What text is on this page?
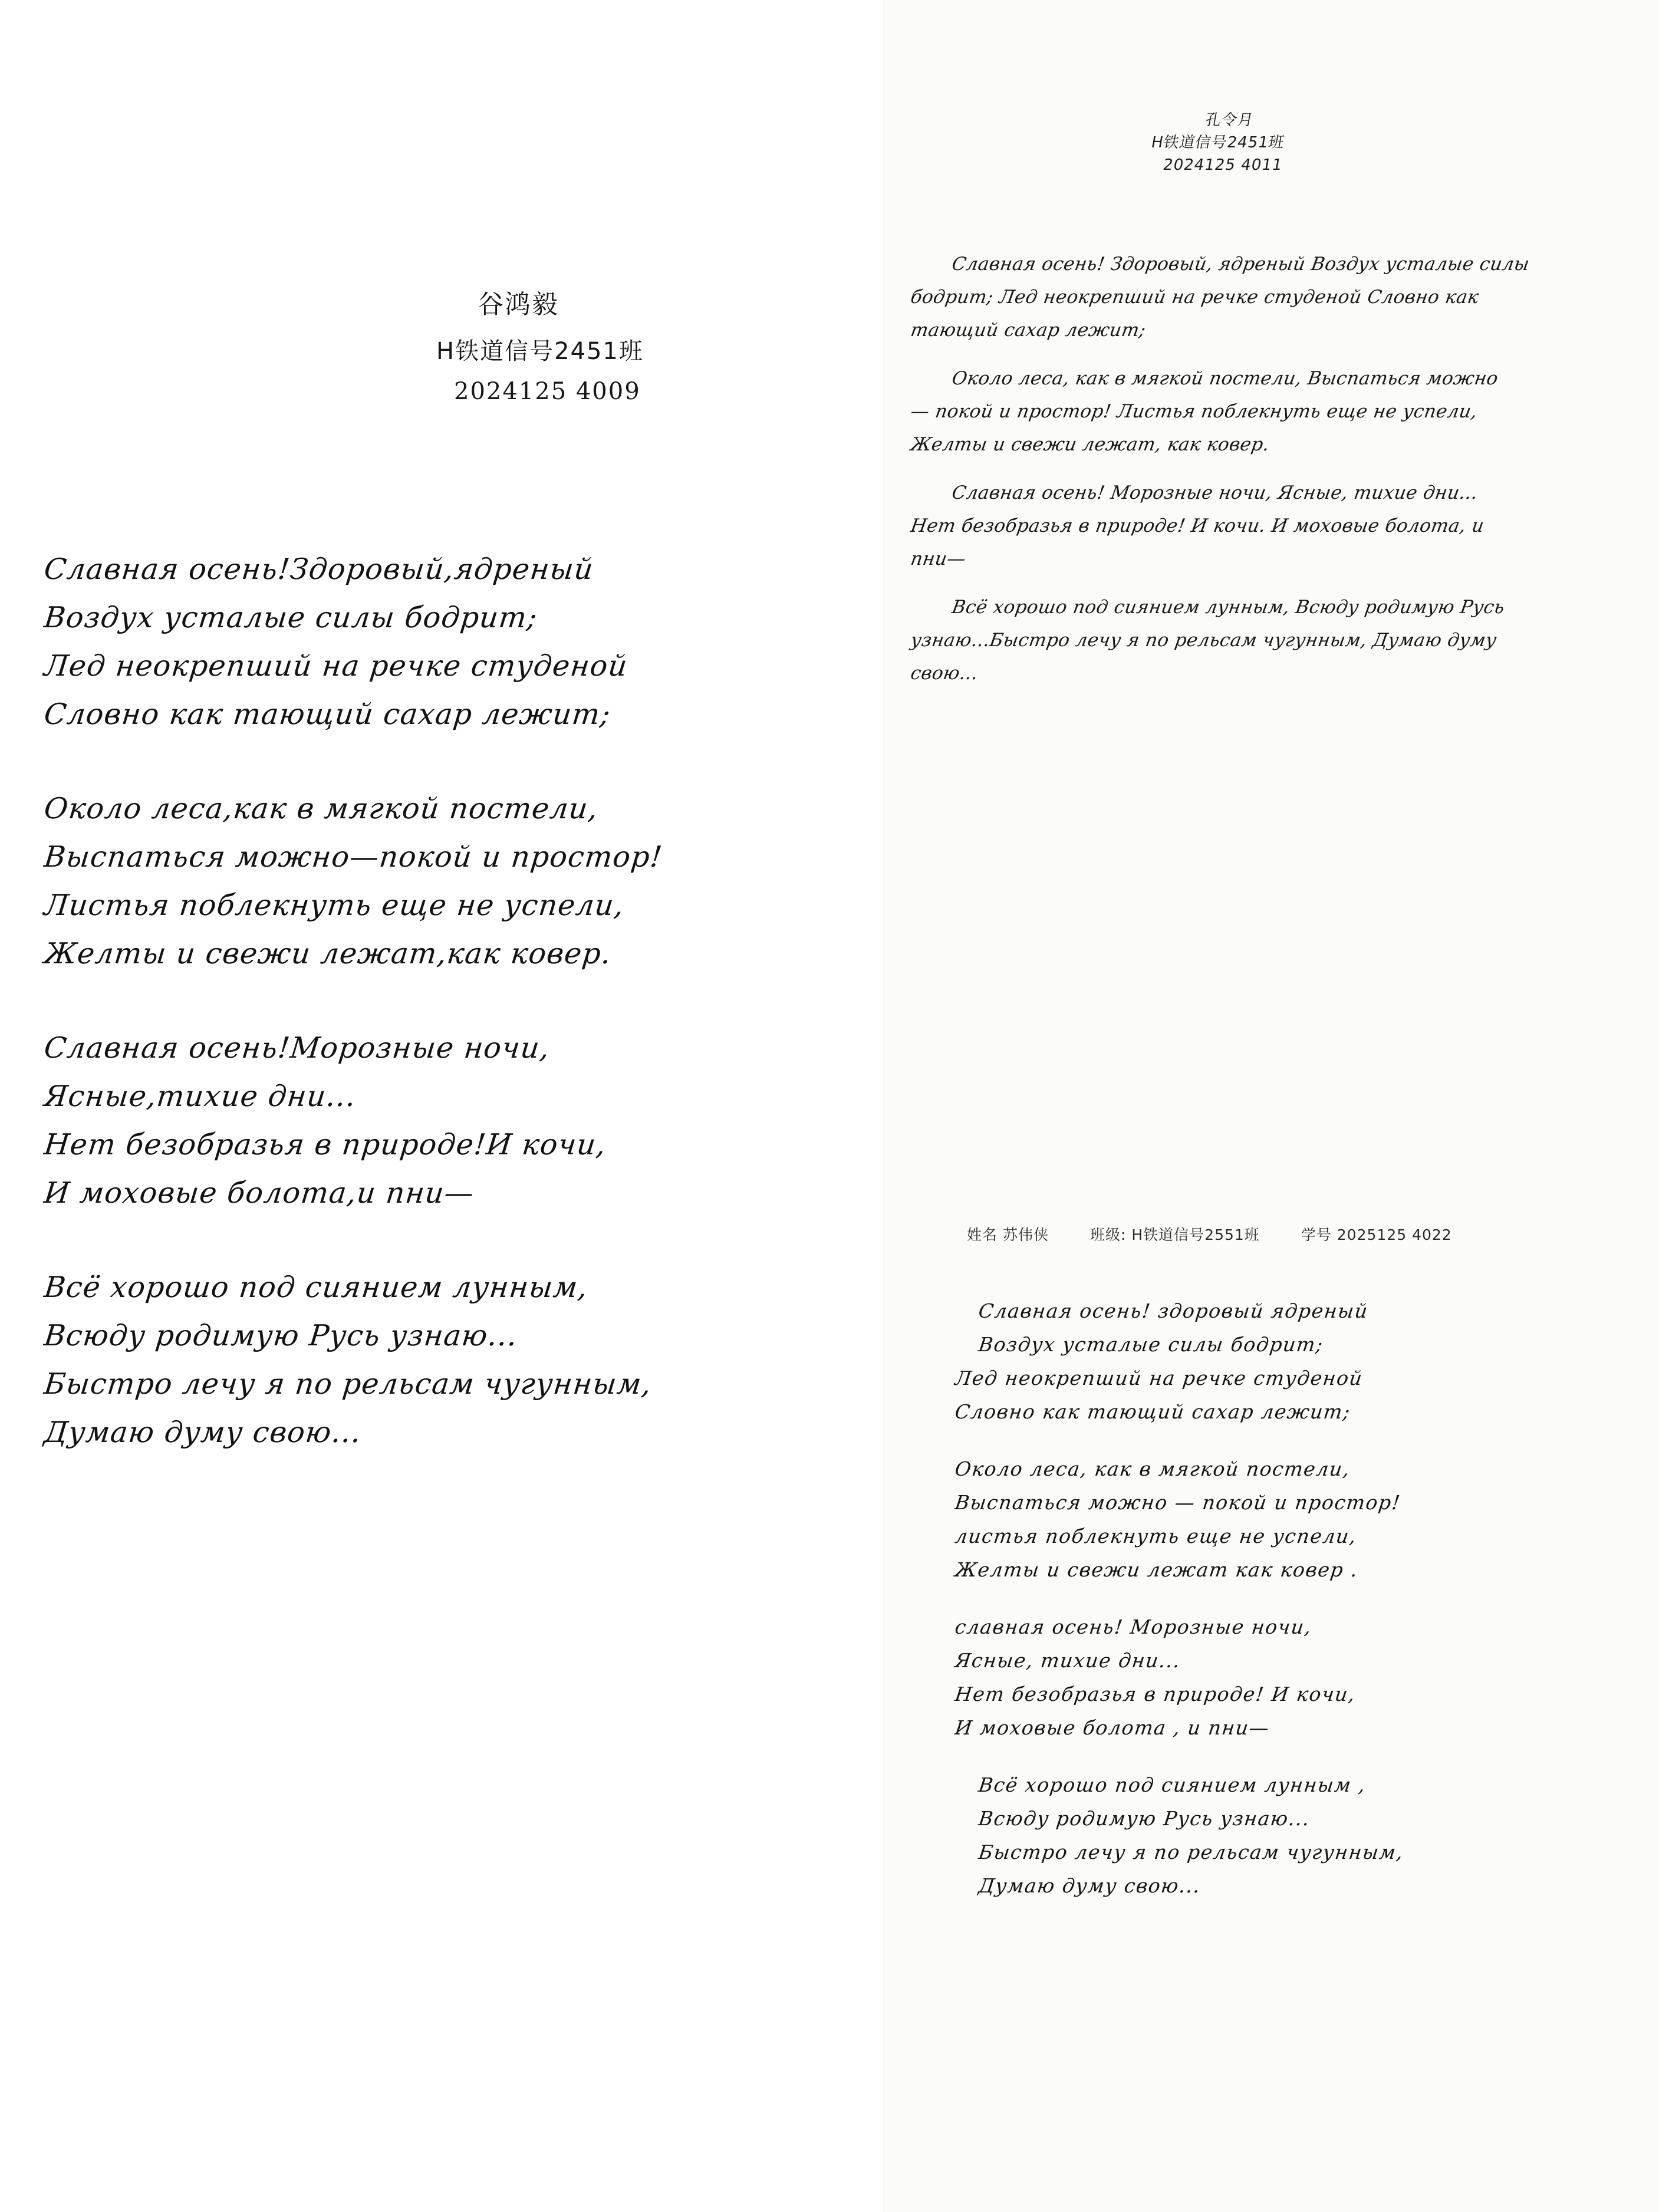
谷鸿毅
H铁道信号2451班
2024125 4009
Славная осень!Здоровый,ядреный
Воздух усталые силы бодрит;
Лед неокрепший на речке студеной
Словно как тающий сахар лежит;
Около леса,как в мягкой постели,
Выспаться можно—покой и простор!
Листья поблекнуть еще не успели,
Желты и свежи лежат,как ковер.
Славная осень!Морозные ночи,
Ясные,тихие дни...
Нет безобразья в природе!И кочи,
И моховые болота,и пни—
Всё хорошо под сиянием лунным,
Всюду родимую Русь узнаю...
Быстро лечу я по рельсам чугунным,
Думаю думу свою...
孔令月
H铁道信号2451班
2024125 4011
Славная осень! Здоровый, ядреный Воздух усталые силы
бодрит; Лед неокрепший на речке студеной Словно как
тающий сахар лежит;
Около леса, как в мягкой постели, Выспаться можно
— покой и простор! Листья поблекнуть еще не успели,
Желты и свежи лежат, как ковер.
Славная осень! Морозные ночи, Ясные, тихие дни...
Нет безобразья в природе! И кочи. И моховые болота, и
пни—
Всё хорошо под сиянием лунным, Всюду родимую Русь
узнаю...Быстро лечу я по рельсам чугунным, Думаю думу
свою...
姓名 苏伟侠	班级: H铁道信号2551班	学号 2025125 4022
Славная осень! здоровый ядреный
Воздух усталые силы бодрит;
Лед неокрепший на речке студеной
Словно как тающий сахар лежит;
Около леса, как в мягкой постели,
Выспаться можно — покой и простор!
листья поблекнуть еще не успели,
Желты и свежи лежат как ковер .
славная осень! Морозные ночи,
Ясные, тихие дни...
Нет безобразья в природе! И кочи,
И моховые болота , и пни—
Всё хорошо под сиянием лунным ,
Всюду родимую Русь узнаю...
Быстро лечу я по рельсам чугунным,
Думаю думу свою...
